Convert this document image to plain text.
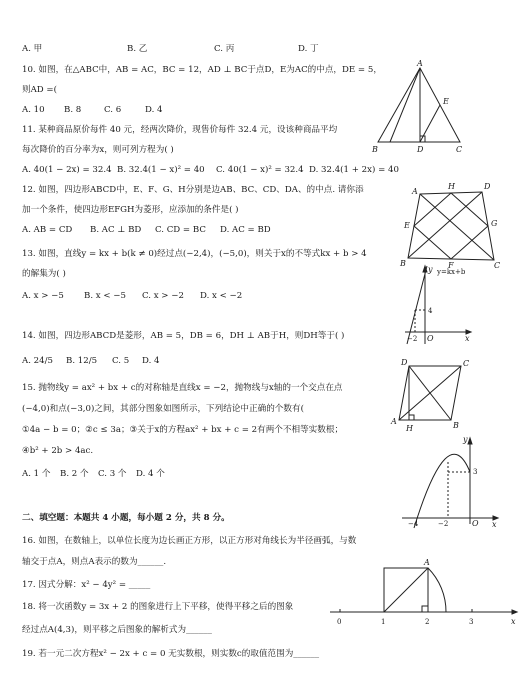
A. 甲	B. 乙	C. 丙	D. 丁
10. 如图，在△ABC中，AB = AC，BC = 12，AD ⊥ BC于点D，E为AC的中点，DE = 5，
则AD =(
A. 10 B. 8	C. 6	D. 4
A
B	D	C
E
11. 某种商品原价每件 40 元，经两次降价，现售价每件 32.4 元，设该种商品平均
每次降价的百分率为x，则可列方程为( )
A. 40(1 − 2x) = 32.4 B. 32.4(1 − x)² = 40 C. 40(1 − x)² = 32.4 D. 32.4(1 + 2x) = 40
12. 如图，四边形ABCD中，E、F、G、H分别是边AB、BC、CD、DA、的中点. 请你添
加一个条件，使四边形EFGH为菱形，应添加的条件是( )
A. AB = CD B. AC ⊥ BD C. CD = BC D. AC = BD
A
D
B	C
E
F
G
H
13. 如图，直线y = kx + b(k ≠ 0)经过点(−2,4)，(−5,0)，则关于x的不等式kx + b > 4
的解集为( )
A. x > −5 B. x < −5 C. x > −2 D. x < −2
y y=kx+b
4
−2 O	x
14. 如图，四边形ABCD是菱形，AB = 5，DB = 6，DH ⊥ AB于H，则DH等于( )
A. 24/5 B. 12/5 C. 5 D. 4	D	C
A	B
H
15. 抛物线y = ax² + bx + c的对称轴是直线x = −2，抛物线与x轴的一个交点在点
(−4,0)和点(−3,0)之间，其部分图象如图所示，下列结论中正确的个数有(
①4a − b = 0；②c ≤ 3a；③关于x的方程ax² + bx + c = 2有两个不相等实数根；
④b² + 2b > 4ac.
A. 1 个 B. 2 个 C. 3 个 D. 4 个
y
3
−4	−2	O x
二、填空题：本题共 4 小题，每小题 2 分，共 8 分。
16. 如图，在数轴上，以单位长度为边长画正方形，以正方形对角线长为半径画弧，与数
轴交于点A，则点A表示的数为______.	A
0	1	2	3	x
17. 因式分解：x² − 4y² = _____
18. 将一次函数y = 3x + 2 的图象进行上下平移，使得平移之后的图象
经过点A(4,3)，则平移之后图象的解析式为______
19. 若一元二次方程x² − 2x + c = 0 无实数根，则实数c的取值范围为______
